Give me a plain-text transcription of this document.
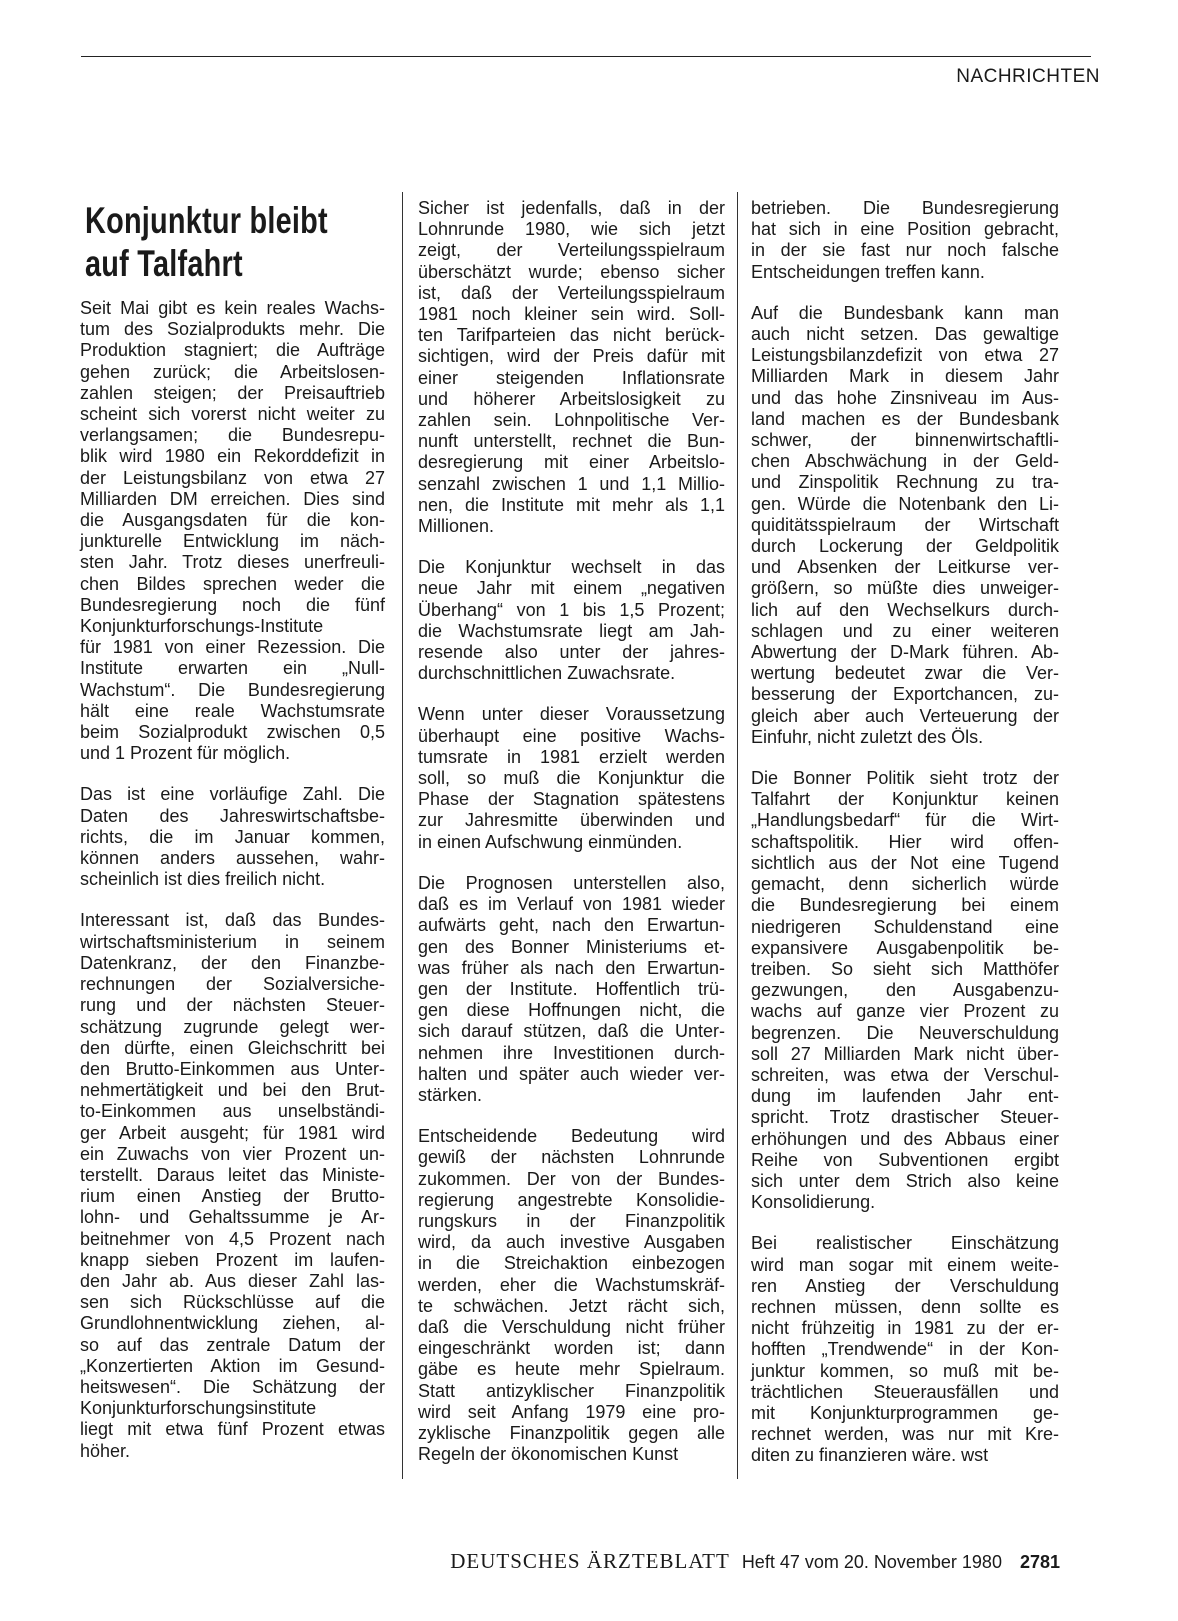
NACHRICHTEN
Konjunktur bleibt
auf Talfahrt

Seit Mai gibt es kein reales Wachs-
tum des Sozialprodukts mehr. Die
Produktion stagniert; die Aufträge
gehen zurück; die Arbeitslosen-
zahlen steigen; der Preisauftrieb
scheint sich vorerst nicht weiter zu
verlangsamen; die Bundesrepu-
blik wird 1980 ein Rekorddefizit in
der Leistungsbilanz von etwa 27
Milliarden DM erreichen. Dies sind
die Ausgangsdaten für die kon-
junkturelle Entwicklung im näch-
sten Jahr. Trotz dieses unerfreuli-
chen Bildes sprechen weder die
Bundesregierung noch die fünf
Konjunkturforschungs-Institute
für 1981 von einer Rezession. Die
Institute erwarten ein „Null-
Wachstum“. Die Bundesregierung
hält eine reale Wachstumsrate
beim Sozialprodukt zwischen 0,5
und 1 Prozent für möglich.

Das ist eine vorläufige Zahl. Die
Daten des Jahreswirtschaftsbe-
richts, die im Januar kommen,
können anders aussehen, wahr-
scheinlich ist dies freilich nicht.

Interessant ist, daß das Bundes-
wirtschaftsministerium in seinem
Datenkranz, der den Finanzbe-
rechnungen der Sozialversiche-
rung und der nächsten Steuer-
schätzung zugrunde gelegt wer-
den dürfte, einen Gleichschritt bei
den Brutto-Einkommen aus Unter-
nehmertätigkeit und bei den Brut-
to-Einkommen aus unselbständi-
ger Arbeit ausgeht; für 1981 wird
ein Zuwachs von vier Prozent un-
terstellt. Daraus leitet das Ministe-
rium einen Anstieg der Brutto-
lohn- und Gehaltssumme je Ar-
beitnehmer von 4,5 Prozent nach
knapp sieben Prozent im laufen-
den Jahr ab. Aus dieser Zahl las-
sen sich Rückschlüsse auf die
Grundlohnentwicklung ziehen, al-
so auf das zentrale Datum der
„Konzertierten Aktion im Gesund-
heitswesen“. Die Schätzung der
Konjunkturforschungsinstitute
liegt mit etwa fünf Prozent etwas
höher.

Sicher ist jedenfalls, daß in der
Lohnrunde 1980, wie sich jetzt
zeigt, der Verteilungsspielraum
überschätzt wurde; ebenso sicher
ist, daß der Verteilungsspielraum
1981 noch kleiner sein wird. Soll-
ten Tarifparteien das nicht berück-
sichtigen, wird der Preis dafür mit
einer steigenden Inflationsrate
und höherer Arbeitslosigkeit zu
zahlen sein. Lohnpolitische Ver-
nunft unterstellt, rechnet die Bun-
desregierung mit einer Arbeitslo-
senzahl zwischen 1 und 1,1 Millio-
nen, die Institute mit mehr als 1,1
Millionen.

Die Konjunktur wechselt in das
neue Jahr mit einem „negativen
Überhang“ von 1 bis 1,5 Prozent;
die Wachstumsrate liegt am Jah-
resende also unter der jahres-
durchschnittlichen Zuwachsrate.

Wenn unter dieser Voraussetzung
überhaupt eine positive Wachs-
tumsrate in 1981 erzielt werden
soll, so muß die Konjunktur die
Phase der Stagnation spätestens
zur Jahresmitte überwinden und
in einen Aufschwung einmünden.

Die Prognosen unterstellen also,
daß es im Verlauf von 1981 wieder
aufwärts geht, nach den Erwartun-
gen des Bonner Ministeriums et-
was früher als nach den Erwartun-
gen der Institute. Hoffentlich trü-
gen diese Hoffnungen nicht, die
sich darauf stützen, daß die Unter-
nehmen ihre Investitionen durch-
halten und später auch wieder ver-
stärken.

Entscheidende Bedeutung wird
gewiß der nächsten Lohnrunde
zukommen. Der von der Bundes-
regierung angestrebte Konsolidie-
rungskurs in der Finanzpolitik
wird, da auch investive Ausgaben
in die Streichaktion einbezogen
werden, eher die Wachstumskräf-
te schwächen. Jetzt rächt sich,
daß die Verschuldung nicht früher
eingeschränkt worden ist; dann
gäbe es heute mehr Spielraum.
Statt antizyklischer Finanzpolitik
wird seit Anfang 1979 eine pro-
zyklische Finanzpolitik gegen alle
Regeln der ökonomischen Kunst

betrieben. Die Bundesregierung
hat sich in eine Position gebracht,
in der sie fast nur noch falsche
Entscheidungen treffen kann.

Auf die Bundesbank kann man
auch nicht setzen. Das gewaltige
Leistungsbilanzdefizit von etwa 27
Milliarden Mark in diesem Jahr
und das hohe Zinsniveau im Aus-
land machen es der Bundesbank
schwer, der binnenwirtschaftli-
chen Abschwächung in der Geld-
und Zinspolitik Rechnung zu tra-
gen. Würde die Notenbank den Li-
quiditätsspielraum der Wirtschaft
durch Lockerung der Geldpolitik
und Absenken der Leitkurse ver-
größern, so müßte dies unweiger-
lich auf den Wechselkurs durch-
schlagen und zu einer weiteren
Abwertung der D-Mark führen. Ab-
wertung bedeutet zwar die Ver-
besserung der Exportchancen, zu-
gleich aber auch Verteuerung der
Einfuhr, nicht zuletzt des Öls.

Die Bonner Politik sieht trotz der
Talfahrt der Konjunktur keinen
„Handlungsbedarf“ für die Wirt-
schaftspolitik. Hier wird offen-
sichtlich aus der Not eine Tugend
gemacht, denn sicherlich würde
die Bundesregierung bei einem
niedrigeren Schuldenstand eine
expansivere Ausgabenpolitik be-
treiben. So sieht sich Matthöfer
gezwungen, den Ausgabenzu-
wachs auf ganze vier Prozent zu
begrenzen. Die Neuverschuldung
soll 27 Milliarden Mark nicht über-
schreiten, was etwa der Verschul-
dung im laufenden Jahr ent-
spricht. Trotz drastischer Steuer-
erhöhungen und des Abbaus einer
Reihe von Subventionen ergibt
sich unter dem Strich also keine
Konsolidierung.

Bei realistischer Einschätzung
wird man sogar mit einem weite-
ren Anstieg der Verschuldung
rechnen müssen, denn sollte es
nicht frühzeitig in 1981 zu der er-
hofften „Trendwende“ in der Kon-
junktur kommen, so muß mit be-
trächtlichen Steuerausfällen und
mit Konjunkturprogrammen ge-
rechnet werden, was nur mit Kre-
diten zu finanzieren wäre. wst

DEUTSCHES ÄRZTEBLATT Heft 47 vom 20. November 1980 2781
